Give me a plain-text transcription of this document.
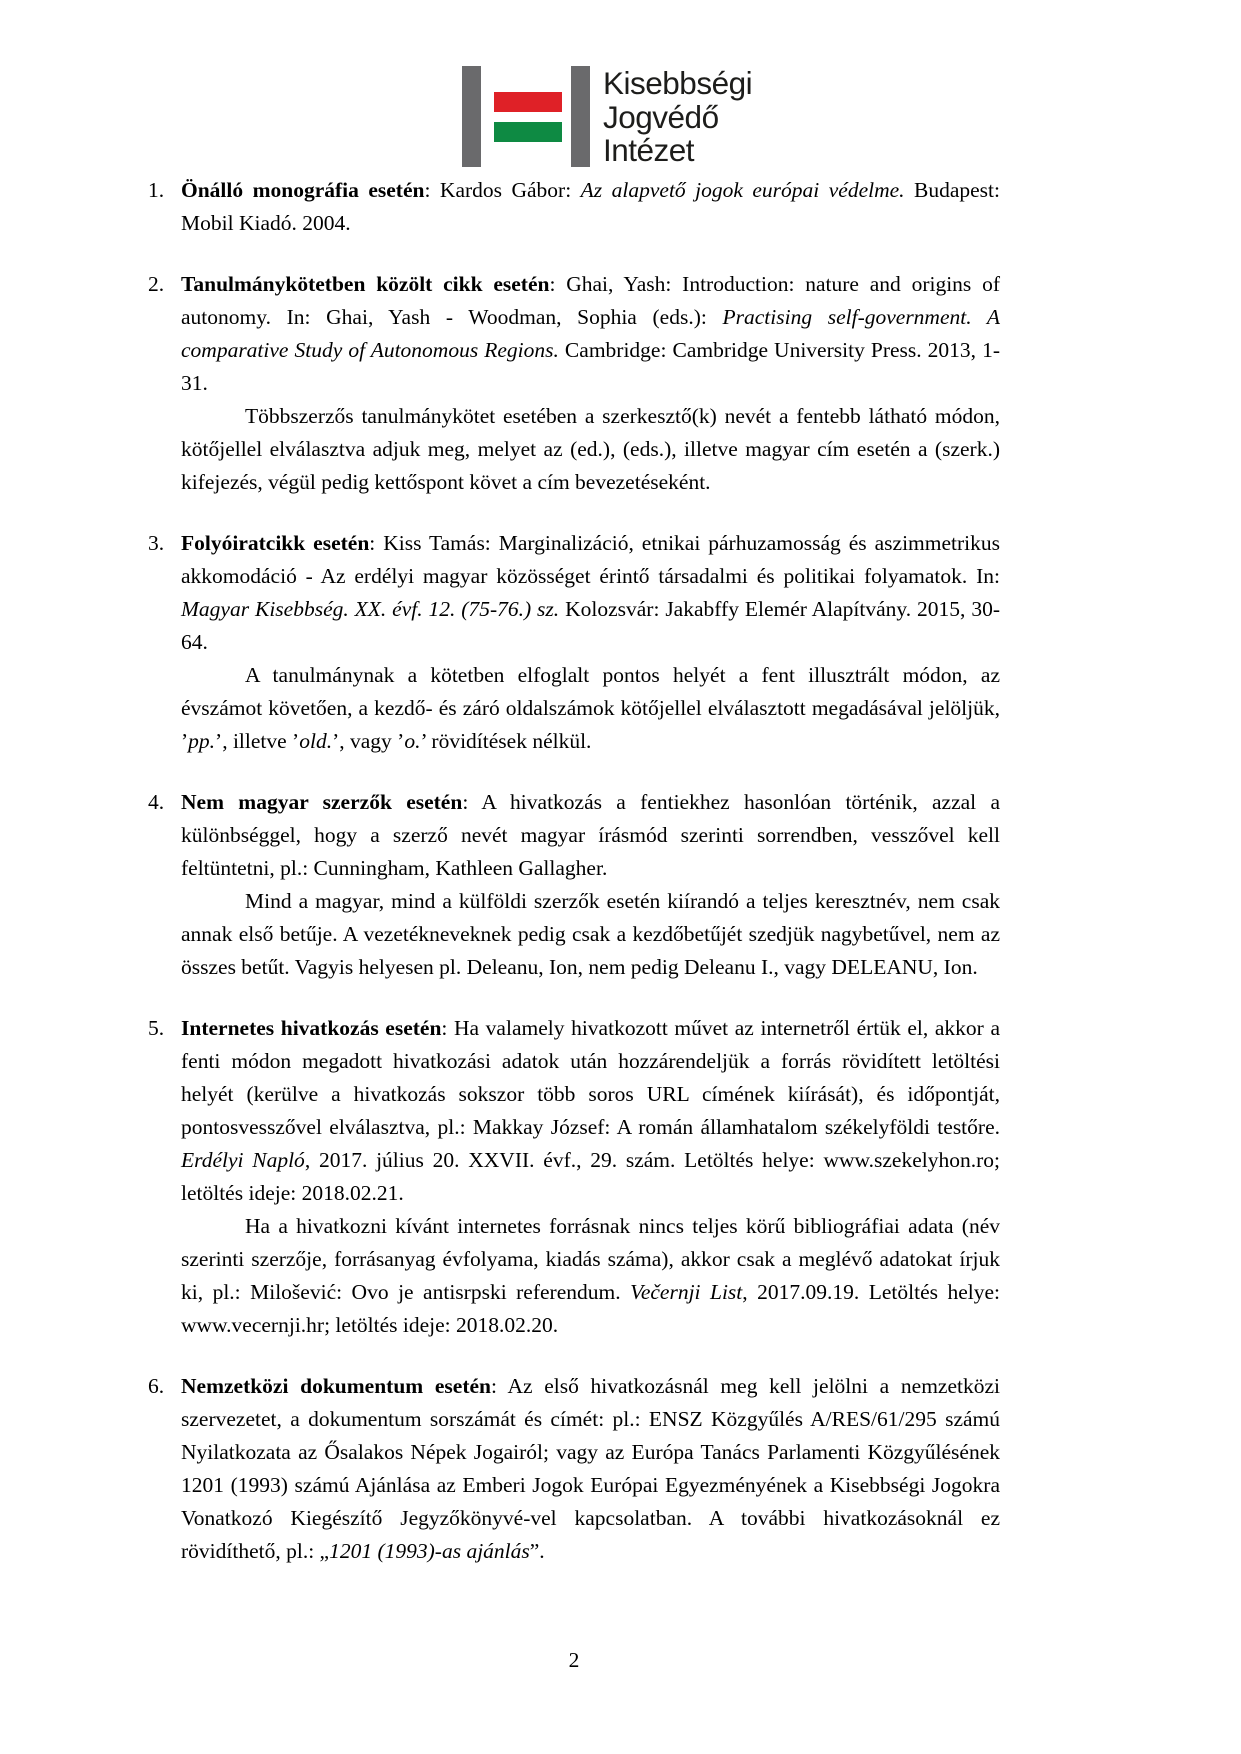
Kisebbségi
Jogvédő
Intézet
1. Önálló monográfia esetén: Kardos Gábor: Az alapvető jogok európai védelme. Budapest: Mobil Kiadó. 2004.

2. Tanulmánykötetben közölt cikk esetén: Ghai, Yash: Introduction: nature and origins of autonomy. In: Ghai, Yash - Woodman, Sophia (eds.): Practising self-government. A comparative Study of Autonomous Regions. Cambridge: Cambridge University Press. 2013, 1-31.

Többszerzős tanulmánykötet esetében a szerkesztő(k) nevét a fentebb látható módon, kötőjellel elválasztva adjuk meg, melyet az (ed.), (eds.), illetve magyar cím esetén a (szerk.) kifejezés, végül pedig kettőspont követ a cím bevezetéseként.

3. Folyóiratcikk esetén: Kiss Tamás: Marginalizáció, etnikai párhuzamosság és aszimmetrikus akkomodáció - Az erdélyi magyar közösséget érintő társadalmi és politikai folyamatok. In: Magyar Kisebbség. XX. évf. 12. (75-76.) sz. Kolozsvár: Jakabffy Elemér Alapítvány. 2015, 30-64.

A tanulmánynak a kötetben elfoglalt pontos helyét a fent illusztrált módon, az évszámot követően, a kezdő- és záró oldalszámok kötőjellel elválasztott megadásával jelöljük, ’pp.’, illetve ’old.’, vagy ’o.’ rövidítések nélkül.

4. Nem magyar szerzők esetén: A hivatkozás a fentiekhez hasonlóan történik, azzal a különbséggel, hogy a szerző nevét magyar írásmód szerinti sorrendben, vesszővel kell feltüntetni, pl.: Cunningham, Kathleen Gallagher.

Mind a magyar, mind a külföldi szerzők esetén kiírandó a teljes keresztnév, nem csak annak első betűje. A vezetékneveknek pedig csak a kezdőbetűjét szedjük nagybetűvel, nem az összes betűt. Vagyis helyesen pl. Deleanu, Ion, nem pedig Deleanu I., vagy DELEANU, Ion.

5. Internetes hivatkozás esetén: Ha valamely hivatkozott művet az internetről értük el, akkor a fenti módon megadott hivatkozási adatok után hozzárendeljük a forrás rövidített letöltési helyét (kerülve a hivatkozás sokszor több soros URL címének kiírását), és időpontját, pontosvesszővel elválasztva, pl.: Makkay József: A román államhatalom székelyföldi testőre. Erdélyi Napló, 2017. július 20. XXVII. évf., 29. szám. Letöltés helye: www.szekelyhon.ro; letöltés ideje: 2018.02.21.

Ha a hivatkozni kívánt internetes forrásnak nincs teljes körű bibliográfiai adata (név szerinti szerzője, forrásanyag évfolyama, kiadás száma), akkor csak a meglévő adatokat írjuk ki, pl.: Milošević: Ovo je antisrpski referendum. Večernji List, 2017.09.19. Letöltés helye: www.vecernji.hr; letöltés ideje: 2018.02.20.

6. Nemzetközi dokumentum esetén: Az első hivatkozásnál meg kell jelölni a nemzetközi szervezetet, a dokumentum sorszámát és címét: pl.: ENSZ Közgyűlés A/RES/61/295 számú Nyilatkozata az Ősalakos Népek Jogairól; vagy az Európa Tanács Parlamenti Közgyűlésének 1201 (1993) számú Ajánlása az Emberi Jogok Európai Egyezményének a Kisebbségi Jogokra Vonatkozó Kiegészítő Jegyzőkönyvé-vel kapcsolatban. A további hivatkozásoknál ez rövidíthető, pl.: „1201 (1993)-as ajánlás”.

2
